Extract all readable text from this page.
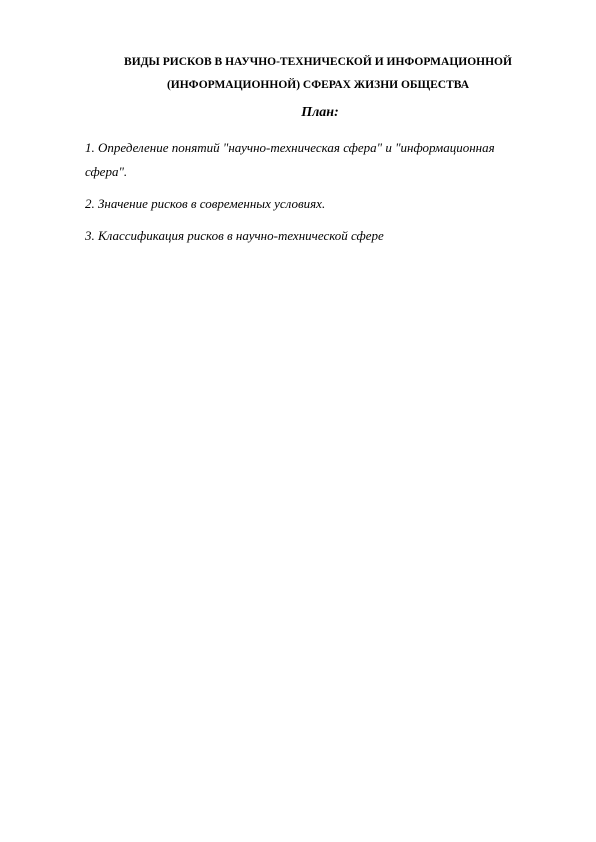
ВИДЫ РИСКОВ В НАУЧНО-ТЕХНИЧЕСКОЙ И ИНФОРМАЦИОННОЙ
(ИНФОРМАЦИОННОЙ) СФЕРАХ ЖИЗНИ ОБЩЕСТВА
План:
1. Определение понятий "научно-техническая сфера" и "информационная
сфера".
2. Значение рисков в современных условиях.
3. Классификация рисков в научно-технической сфере
